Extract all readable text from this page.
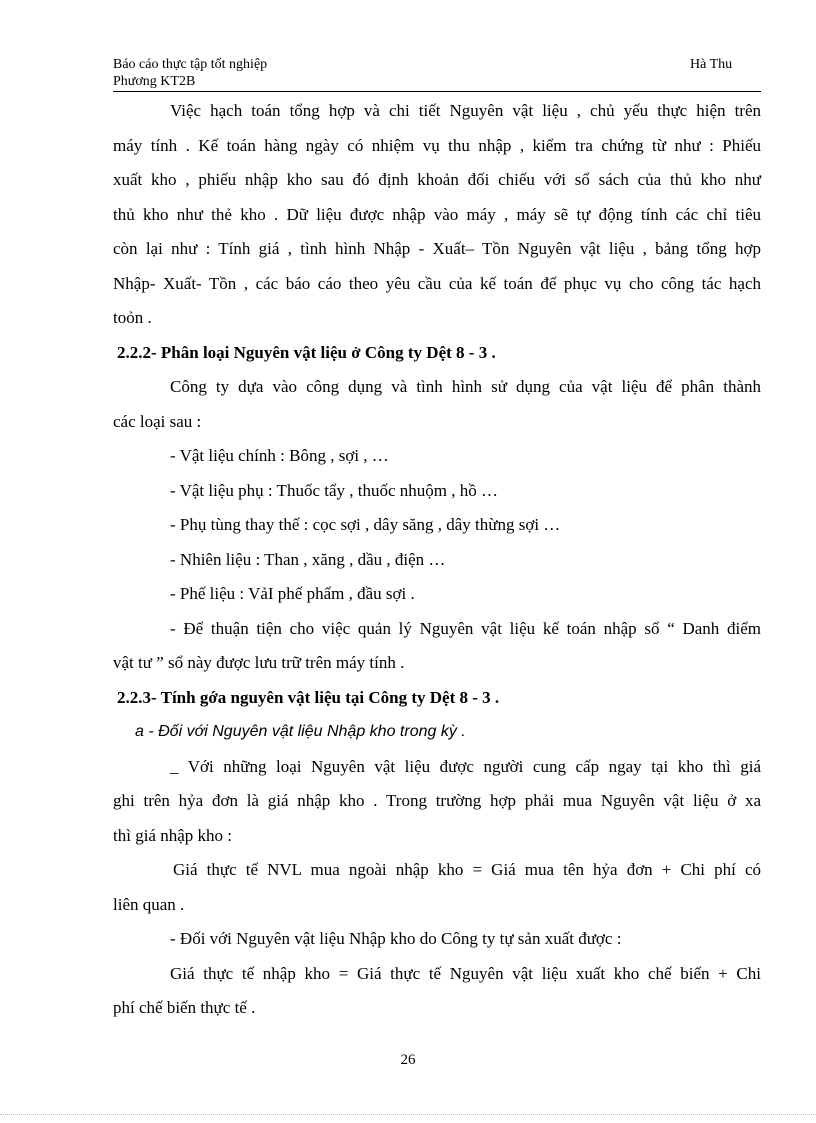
Báo cáo thực tập tốt nghiệp
Phương KT2B
Hà Thu

Việc hạch toán tổng hợp và chi tiết Nguyên vật liệu , chủ yếu thực hiện trên

máy tính . Kế toán hàng ngày có nhiệm vụ thu nhập , kiểm tra chứng từ như : Phiếu

xuất kho , phiếu nhập kho sau đó định khoản đối chiếu với sổ sách của thủ kho như

thủ kho như thẻ kho . Dữ liệu được nhập vào máy , máy sẽ tự động tính các chỉ tiêu

còn lại như : Tính giá , tình hình Nhập - Xuất– Tồn Nguyên vật liệu , bảng tổng hợp

Nhập- Xuất- Tồn , các báo cáo theo yêu cầu của kế toán để phục vụ cho công tác hạch

toỏn .

2.2.2- Phân loại Nguyên vật liệu ở Công ty Dệt 8 - 3 .

Công ty dựa vào công dụng và tình hình sử dụng của vật liệu để phân thành

các loại sau :

- Vật liệu chính : Bông , sợi , …

- Vật liệu phụ : Thuốc tẩy , thuốc nhuộm , hồ …

- Phụ tùng thay thế : cọc sợi , dây săng , dây thừng sợi …

- Nhiên liệu : Than , xăng , dầu , điện …

- Phế liệu : VảI phế phẩm , đầu sợi .

- Để thuận tiện cho việc quản lý Nguyên vật liệu kế toán nhập sổ “ Danh điểm

vật tư ” sổ này được lưu trữ trên máy tính .

2.2.3- Tính gớa nguyên vật liệu tại Công ty Dệt 8 - 3 .

a - Đối với Nguyên vật liệu Nhập kho trong kỳ .

_ Với những loại Nguyên vật liệu được người cung cấp ngay tại kho thì giá

ghi trên hỷa đơn là giá nhập kho . Trong trường hợp phải mua Nguyên vật liệu ở xa

thì giá nhập kho :

Giá thực tế NVL mua ngoài nhập kho = Giá mua tên hỷa đơn + Chi phí có

liên quan .

- Đối với Nguyên vật liệu Nhập kho do Công ty tự sản xuất được :

Giá thực tế nhập kho = Giá thực tế Nguyên vật liệu xuất kho chế biến + Chi

phí chế biến thực tế .

26
